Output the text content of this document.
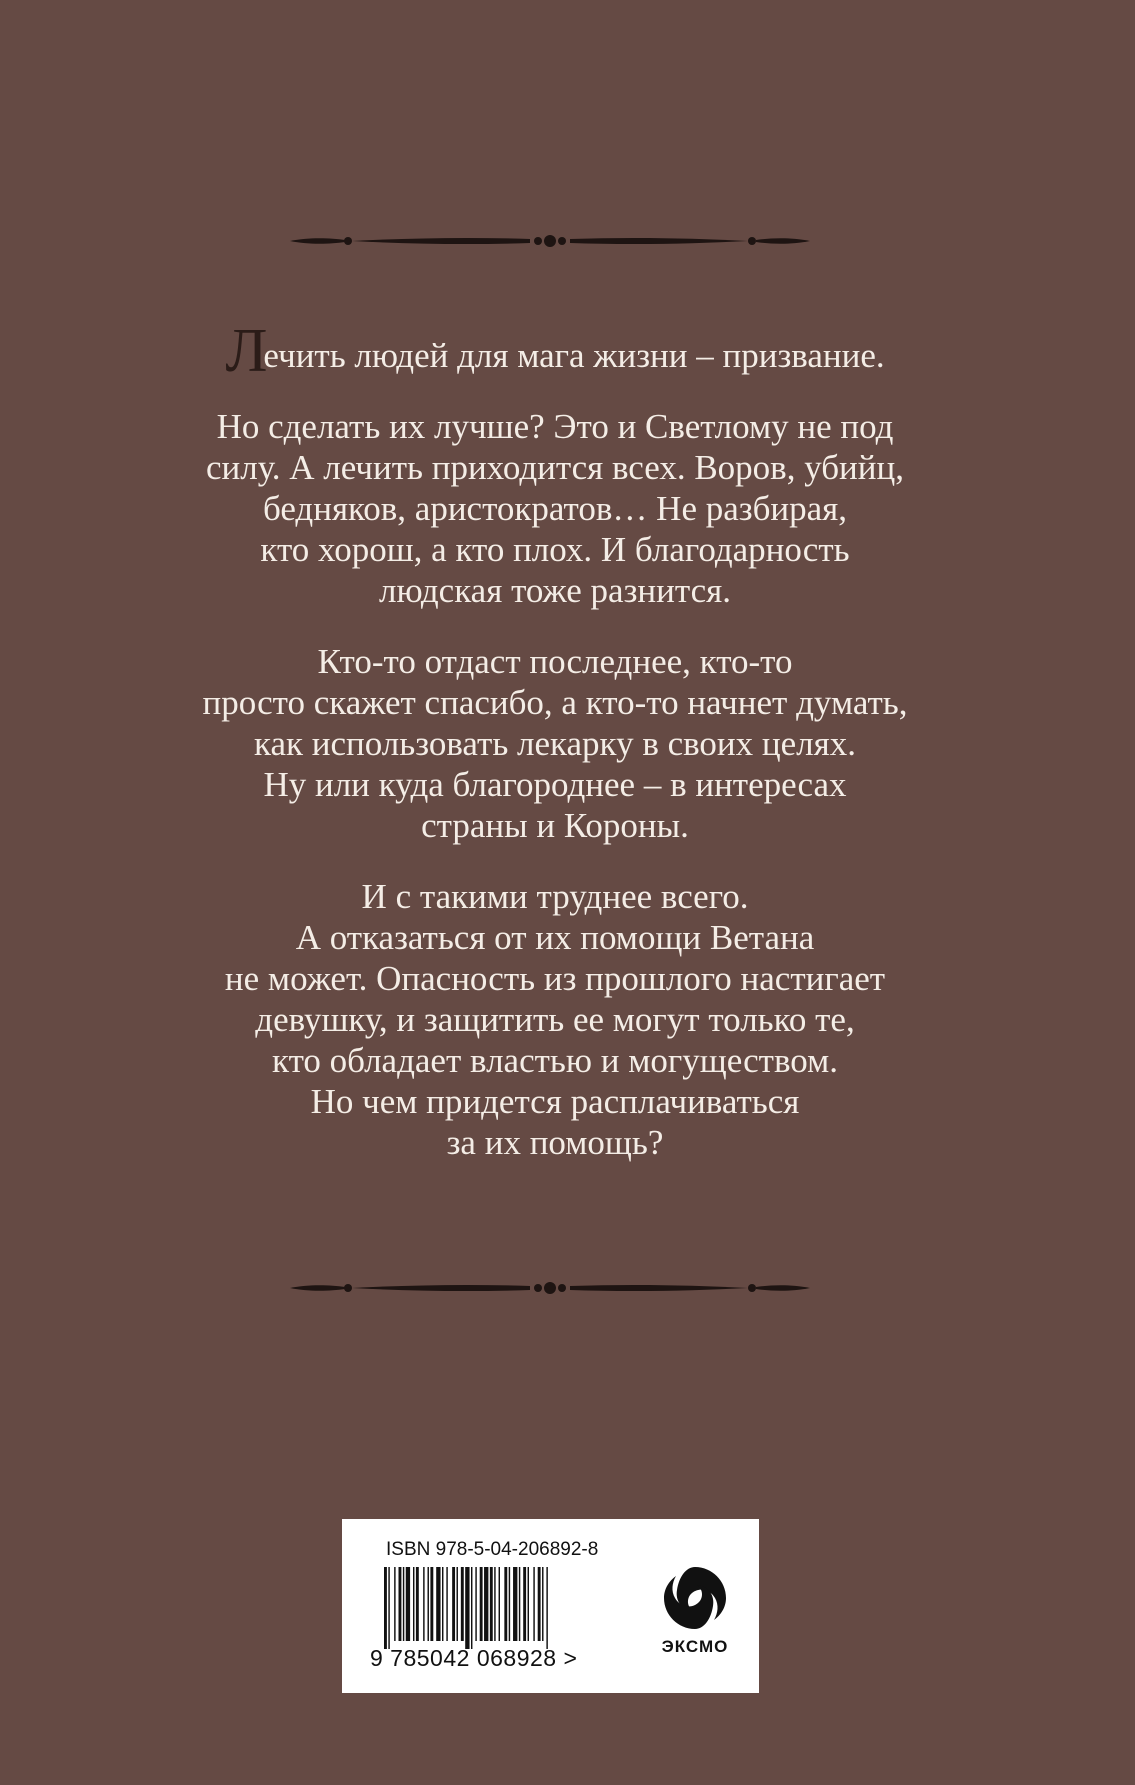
Лечить людей для мага жизни – призвание.
Но сделать их лучше? Это и Светлому не под
силу. А лечить приходится всех. Воров, убийц,
бедняков, аристократов… Не разбирая,
кто хорош, а кто плох. И благодарность
людская тоже разнится.
Кто-то отдаст последнее, кто-то
просто скажет спасибо, а кто-то начнет думать,
как использовать лекарку в своих целях.
Ну или куда благороднее – в интересах
страны и Короны.
И с такими труднее всего.
А отказаться от их помощи Ветана
не может. Опасность из прошлого настигает
девушку, и защитить ее могут только те,
кто обладает властью и могуществом.
Но чем придется расплачиваться
за их помощь?
ISBN 978-5-04-206892-8
9 785042 068928 >	ЭКСМО
